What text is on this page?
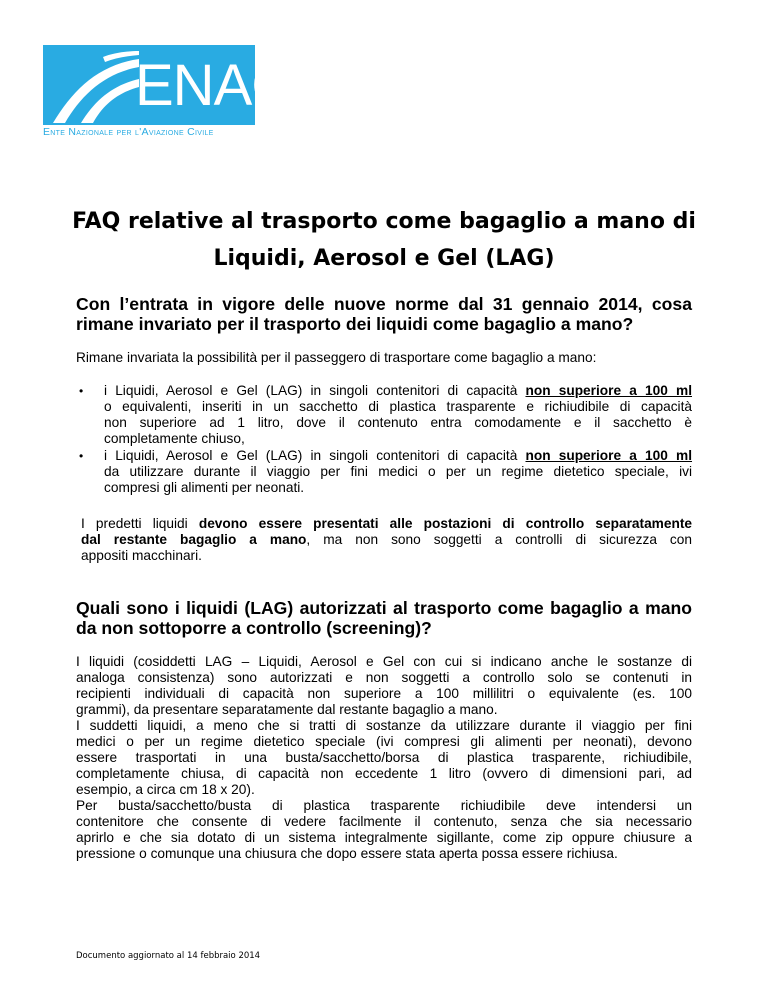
ENAC
Ente Nazionale per l'Aviazione Civile
FAQ relative al trasporto come bagaglio a mano di
Liquidi, Aerosol e Gel (LAG)
Con l’entrata in vigore delle nuove norme dal 31 gennaio 2014, cosa
rimane invariato per il trasporto dei liquidi come bagaglio a mano?
Rimane invariata la possibilità per il passeggero di trasportare come bagaglio a mano:
• i Liquidi, Aerosol e Gel (LAG) in singoli contenitori di capacità non superiore a 100 ml
o equivalenti, inseriti in un sacchetto di plastica trasparente e richiudibile di capacità
non superiore ad 1 litro, dove il contenuto entra comodamente e il sacchetto è
completamente chiuso,
• i Liquidi, Aerosol e Gel (LAG) in singoli contenitori di capacità non superiore a 100 ml
da utilizzare durante il viaggio per fini medici o per un regime dietetico speciale, ivi
compresi gli alimenti per neonati.
I predetti liquidi devono essere presentati alle postazioni di controllo separatamente
dal restante bagaglio a mano, ma non sono soggetti a controlli di sicurezza con
appositi macchinari.
Quali sono i liquidi (LAG) autorizzati al trasporto come bagaglio a mano
da non sottoporre a controllo (screening)?
I liquidi (cosiddetti LAG – Liquidi, Aerosol e Gel con cui si indicano anche le sostanze di
analoga consistenza) sono autorizzati e non soggetti a controllo solo se contenuti in
recipienti individuali di capacità non superiore a 100 millilitri o equivalente (es. 100
grammi), da presentare separatamente dal restante bagaglio a mano.
I suddetti liquidi, a meno che si tratti di sostanze da utilizzare durante il viaggio per fini
medici o per un regime dietetico speciale (ivi compresi gli alimenti per neonati), devono
essere trasportati in una busta/sacchetto/borsa di plastica trasparente, richiudibile,
completamente chiusa, di capacità non eccedente 1 litro (ovvero di dimensioni pari, ad
esempio, a circa cm 18 x 20).
Per busta/sacchetto/busta di plastica trasparente richiudibile deve intendersi un
contenitore che consente di vedere facilmente il contenuto, senza che sia necessario
aprirlo e che sia dotato di un sistema integralmente sigillante, come zip oppure chiusure a
pressione o comunque una chiusura che dopo essere stata aperta possa essere richiusa.
Documento aggiornato al 14 febbraio 2014
